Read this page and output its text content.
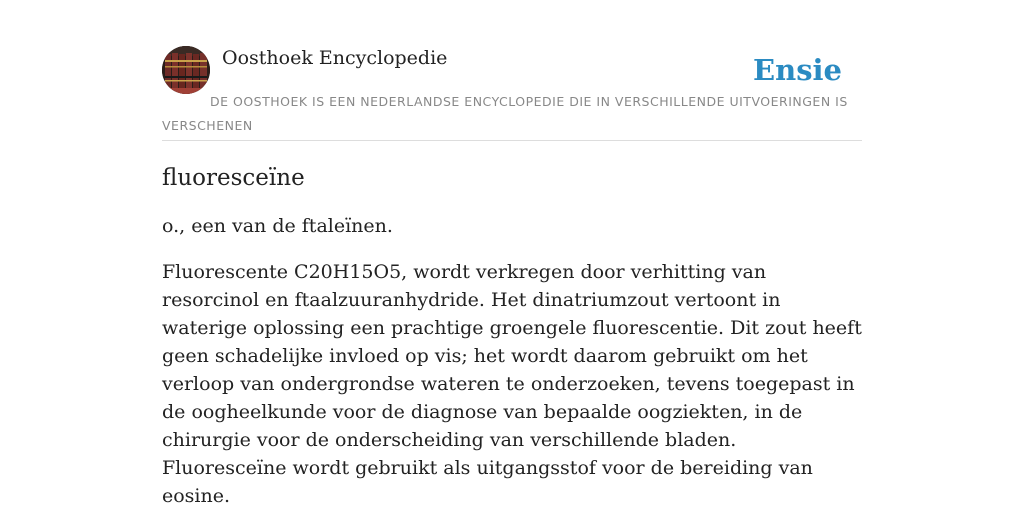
Oosthoek Encyclopedie	Ensie
DE OOSTHOEK IS EEN NEDERLANDSE ENCYCLOPEDIE DIE IN VERSCHILLENDE UITVOERINGEN IS VERSCHENEN
fluoresceïne

o., een van de ftaleïnen.

Fluorescente C20H15O5, wordt verkregen door verhitting van resorcinol en ftaalzuuranhydride. Het dinatriumzout vertoont in waterige oplossing een prachtige groengele fluorescentie. Dit zout heeft geen schadelijke invloed op vis; het wordt daarom gebruikt om het verloop van ondergrondse wateren te onderzoeken, tevens toegepast in de oogheelkunde voor de diagnose van bepaalde oogziekten, in de chirurgie voor de onderscheiding van verschillende bladen. Fluoresceïne wordt gebruikt als uitgangsstof voor de bereiding van eosine.
